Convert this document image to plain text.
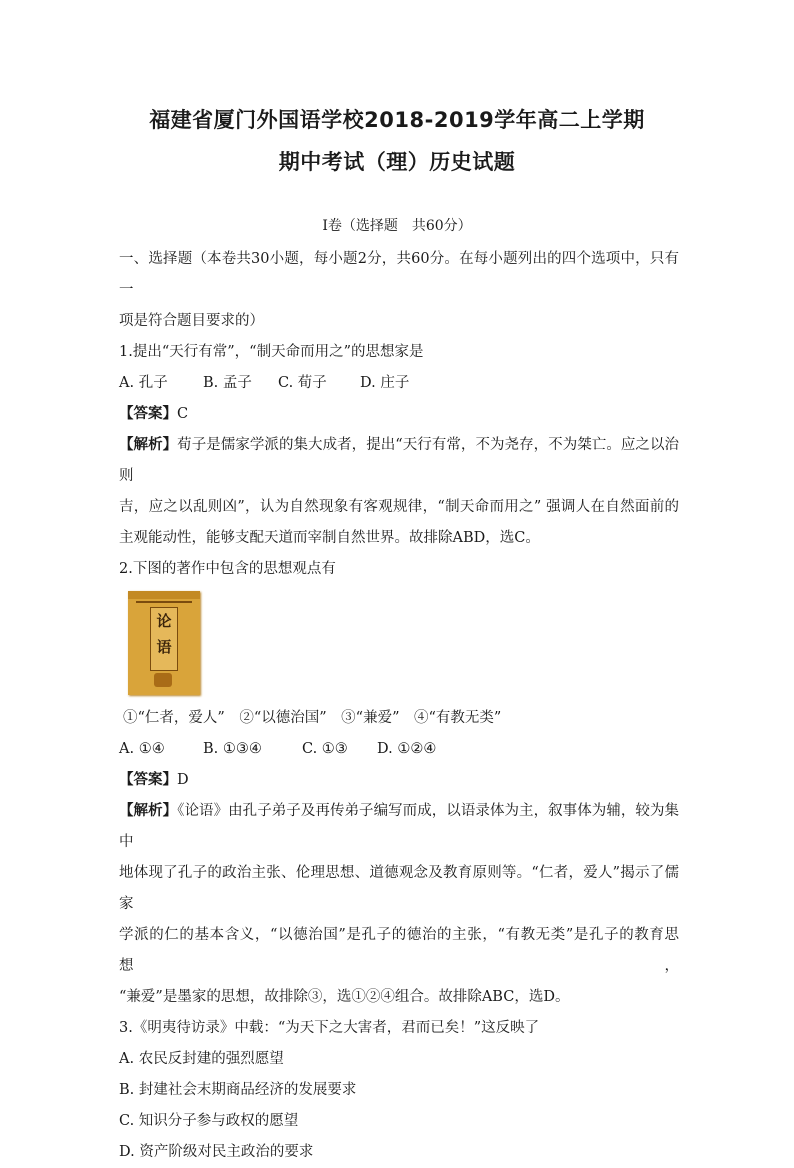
福建省厦门外国语学校2018-2019学年高二上学期
期中考试（理）历史试题
Ⅰ卷（选择题　共60分）

一、选择题（本卷共30小题，每小题2分，共60分。在每小题列出的四个选项中，只有一

项是符合题目要求的）

1.提出“天行有常”，“制天命而用之”的思想家是

A. 孔子 B. 孟子 C. 荀子 D. 庄子

【答案】C

【解析】荀子是儒家学派的集大成者，提出“天行有常，不为尧存，不为桀亡。应之以治则

吉，应之以乱则凶”，认为自然现象有客观规律，“制天命而用之” 强调人在自然面前的

主观能动性，能够支配天道而宰制自然世界。故排除ABD，选C。

2.下图的著作中包含的思想观点有

论语

①“仁者，爱人”　②“以德治国”　③“兼爱”　④“有教无类”

A. ①④	B. ①③④	C. ①③ D. ①②④

【答案】D

【解析】《论语》由孔子弟子及再传弟子编写而成，以语录体为主，叙事体为辅，较为集中

地体现了孔子的政治主张、伦理思想、道德观念及教育原则等。“仁者，爱人”揭示了儒家

学派的仁的基本含义，“以德治国”是孔子的德治的主张，“有教无类”是孔子的教育思想，

“兼爱”是墨家的思想，故排除③，选①②④组合。故排除ABC，选D。

3.《明夷待访录》中载：“为天下之大害者，君而已矣！”这反映了

A. 农民反封建的强烈愿望

B. 封建社会末期商品经济的发展要求

C. 知识分子参与政权的愿望

D. 资产阶级对民主政治的要求
